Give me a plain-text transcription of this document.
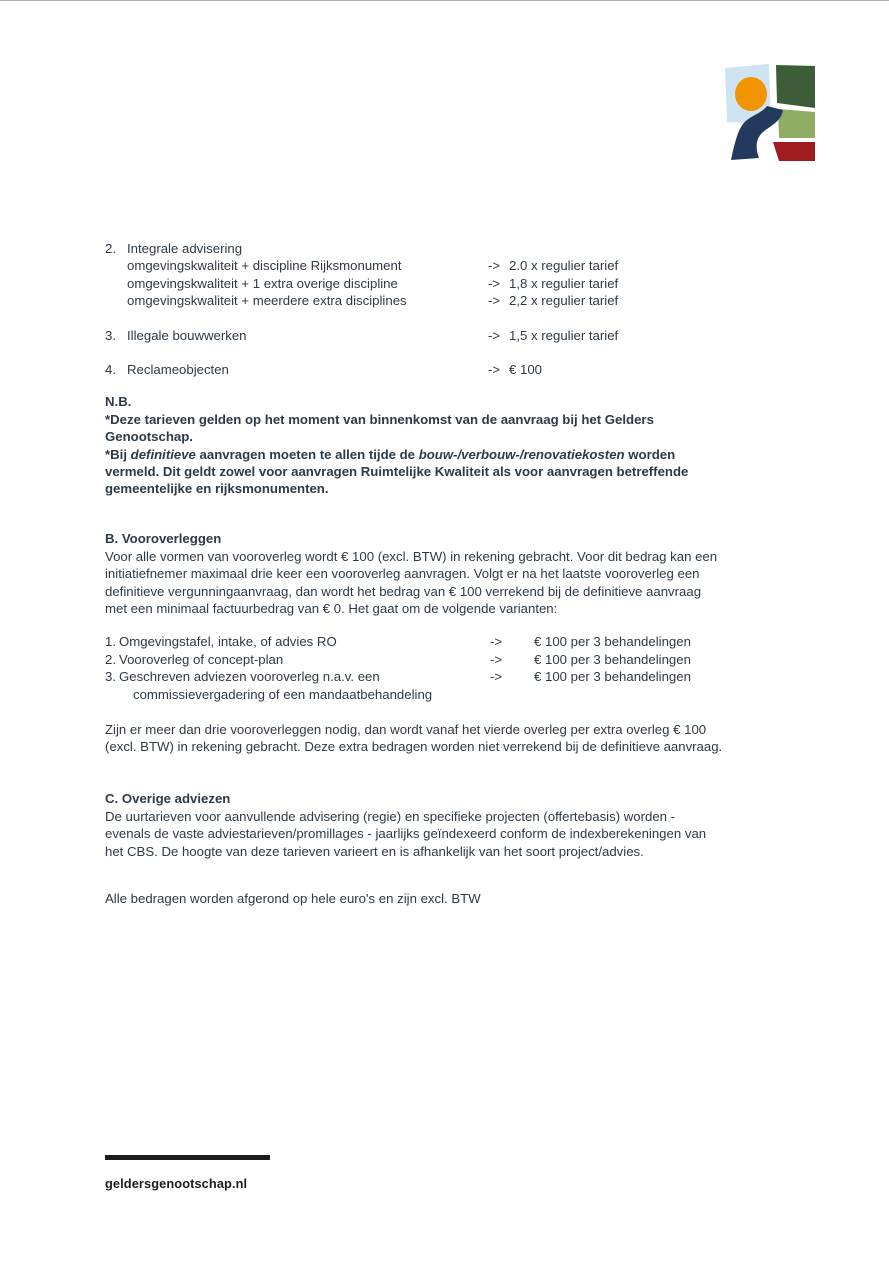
2. Integrale advisering
omgevingskwaliteit + discipline Rijksmonument	-> 2.0 x regulier tarief
omgevingskwaliteit + 1 extra overige discipline	-> 1,8 x regulier tarief
omgevingskwaliteit + meerdere extra disciplines	-> 2,2 x regulier tarief
3. Illegale bouwwerken	-> 1,5 x regulier tarief
4. Reclameobjecten	-> € 100
N.B.
*Deze tarieven gelden op het moment van binnenkomst van de aanvraag bij het Gelders Genootschap.
*Bij definitieve aanvragen moeten te allen tijde de bouw-/verbouw-/renovatiekosten worden vermeld. Dit geldt zowel voor aanvragen Ruimtelijke Kwaliteit als voor aanvragen betreffende gemeentelijke en rijksmonumenten.
B. Vooroverleggen

Voor alle vormen van vooroverleg wordt € 100 (excl. BTW) in rekening gebracht. Voor dit bedrag kan een initiatiefnemer maximaal drie keer een vooroverleg aanvragen. Volgt er na het laatste vooroverleg een definitieve vergunningaanvraag, dan wordt het bedrag van € 100 verrekend bij de definitieve aanvraag met een minimaal factuurbedrag van € 0. Het gaat om de volgende varianten:

1. Omgevingstafel, intake, of advies RO	-> € 100 per 3 behandelingen
2. Vooroverleg of concept-plan	-> € 100 per 3 behandelingen
3. Geschreven adviezen vooroverleg n.a.v. een	-> € 100 per 3 behandelingen
commissievergadering of een mandaatbehandeling

Zijn er meer dan drie vooroverleggen nodig, dan wordt vanaf het vierde overleg per extra overleg € 100 (excl. BTW) in rekening gebracht. Deze extra bedragen worden niet verrekend bij de definitieve aanvraag.

C. Overige adviezen

De uurtarieven voor aanvullende advisering (regie) en specifieke projecten (offertebasis) worden - evenals de vaste adviestarieven/promillages - jaarlijks geïndexeerd conform de indexberekeningen van het CBS. De hoogte van deze tarieven varieert en is afhankelijk van het soort project/advies.

Alle bedragen worden afgerond op hele euro's en zijn excl. BTW

geldersgenootschap.nl
